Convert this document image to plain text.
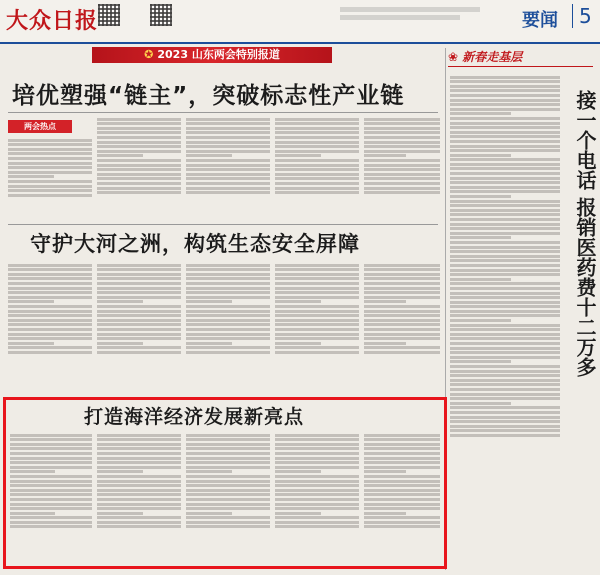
大众日报	要闻	5
✪ 2023 山东两会特别报道	❀ 新春走基层
培优塑强“链主”，突破标志性产业链
两会热点
守护大河之洲，构筑生态安全屏障
打造海洋经济发展新亮点
接一个电话 报销医药费十二万多
